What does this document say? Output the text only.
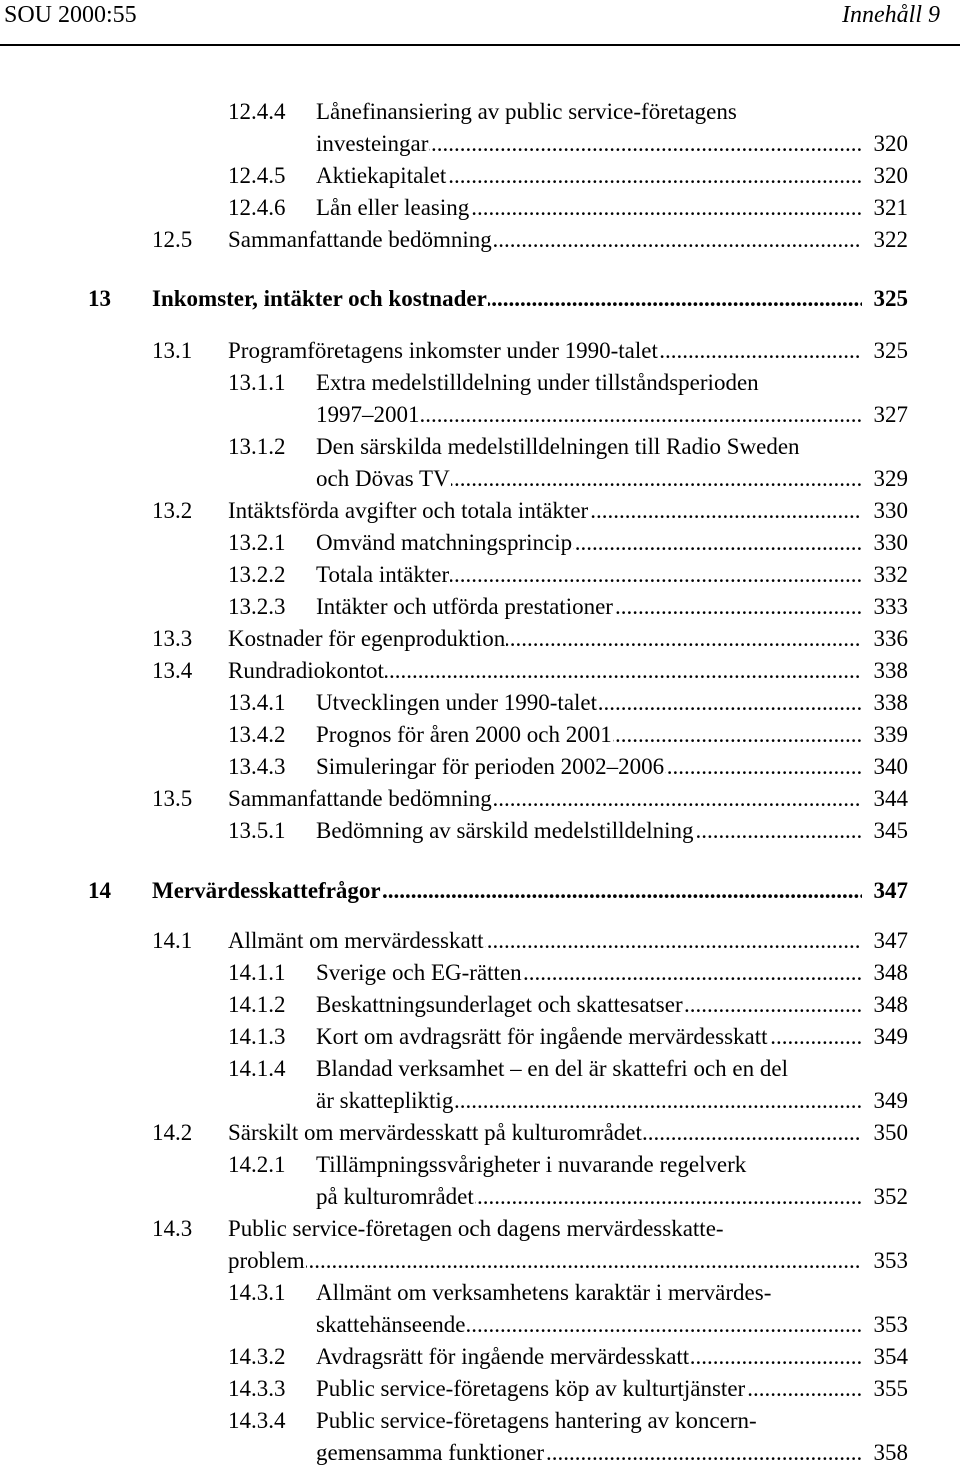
SOU 2000:55	Innehåll 9
12.4.4 Lånefinansiering av public service-företagens
investeingar .....	320
12.4.5 Aktiekapitalet .....	320
12.4.6 Lån eller leasing .....	321
12.5 Sammanfattande bedömning .....	322
13 Inkomster, intäkter och kostnader .....	325
13.1 Programföretagens inkomster under 1990-talet .....	325
13.1.1 Extra medelstilldelning under tillståndsperioden
1997–2001 .....	327
13.1.2 Den särskilda medelstilldelningen till Radio Sweden
och Dövas TV .....	329
13.2 Intäktsförda avgifter och totala intäkter .....	330
13.2.1 Omvänd matchningsprincip .....	330
13.2.2 Totala intäkter .....	332
13.2.3 Intäkter och utförda prestationer .....	333
13.3 Kostnader för egenproduktion .....	336
13.4 Rundradiokontot .....	338
13.4.1 Utvecklingen under 1990-talet .....	338
13.4.2 Prognos för åren 2000 och 2001 .....	339
13.4.3 Simuleringar för perioden 2002–2006 .....	340
13.5 Sammanfattande bedömning .....	344
13.5.1 Bedömning av särskild medelstilldelning .....	345
14 Mervärdesskattefrågor .....	347
14.1 Allmänt om mervärdesskatt .....	347
14.1.1 Sverige och EG-rätten .....	348
14.1.2 Beskattningsunderlaget och skattesatser .....	348
14.1.3 Kort om avdragsrätt för ingående mervärdesskatt .....	349
14.1.4 Blandad verksamhet – en del är skattefri och en del
är skattepliktig .....	349
14.2 Särskilt om mervärdesskatt på kulturområdet .....	350
14.2.1 Tillämpningssvårigheter i nuvarande regelverk
på kulturområdet .....	352
14.3 Public service-företagen och dagens mervärdesskatte-
problem .....	353
14.3.1 Allmänt om verksamhetens karaktär i mervärdes-
skattehänseende .....	353
14.3.2 Avdragsrätt för ingående mervärdesskatt .....	354
14.3.3 Public service-företagens köp av kulturtjänster .....	355
14.3.4 Public service-företagens hantering av koncern-
gemensamma funktioner .....	358
